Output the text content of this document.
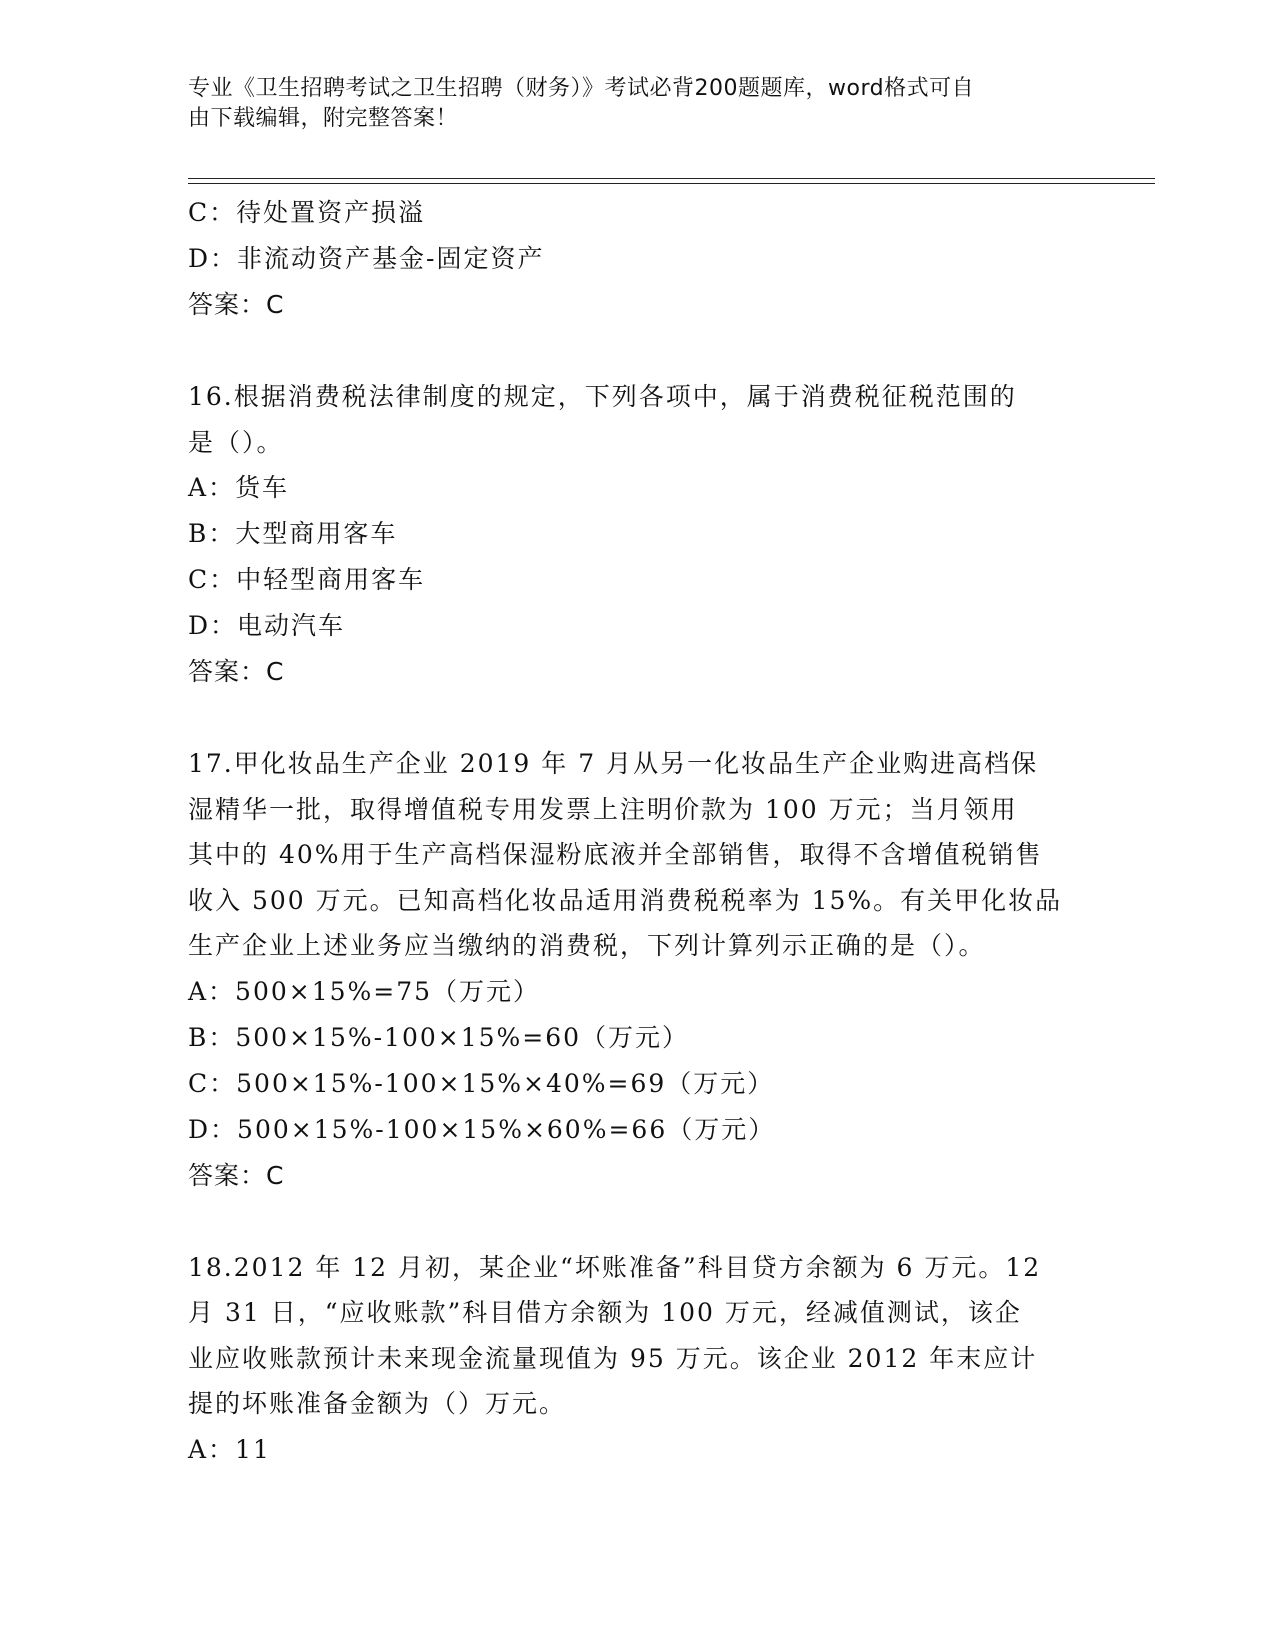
专业《卫生招聘考试之卫生招聘（财务）》考试必背200题题库，word格式可自
由下载编辑，附完整答案！
C：待处置资产损溢
D：非流动资产基金-固定资产
答案：C
16.根据消费税法律制度的规定，下列各项中，属于消费税征税范围的
是（）。
A：货车
B：大型商用客车
C：中轻型商用客车
D：电动汽车
答案：C
17.甲化妆品生产企业 2019 年 7 月从另一化妆品生产企业购进高档保
湿精华一批，取得增值税专用发票上注明价款为 100 万元；当月领用
其中的 40%用于生产高档保湿粉底液并全部销售，取得不含增值税销售
收入 500 万元。已知高档化妆品适用消费税税率为 15%。有关甲化妆品
生产企业上述业务应当缴纳的消费税，下列计算列示正确的是（）。
A：500×15%=75（万元）
B：500×15%-100×15%=60（万元）
C：500×15%-100×15%×40%=69（万元）
D：500×15%-100×15%×60%=66（万元）
答案：C
18.2012 年 12 月初，某企业“坏账准备”科目贷方余额为 6 万元。12
月 31 日，“应收账款”科目借方余额为 100 万元，经减值测试，该企
业应收账款预计未来现金流量现值为 95 万元。该企业 2012 年末应计
提的坏账准备金额为（）万元。
A：11
